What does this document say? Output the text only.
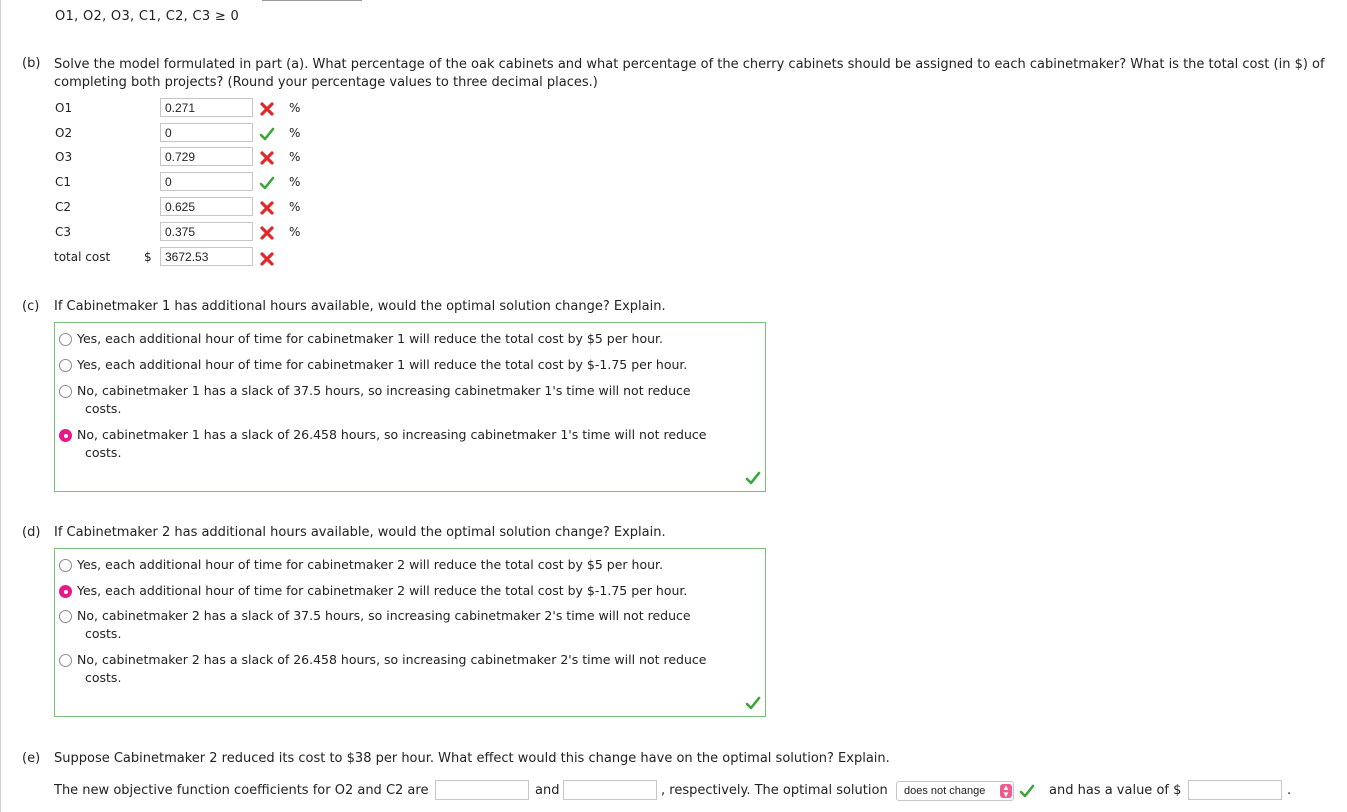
O1, O2, O3, C1, C2, C3 ≥ 0
(b) Solve the model formulated in part (a). What percentage of the oak cabinets and what percentage of the cherry cabinets should be assigned to each cabinetmaker? What is the total cost (in $) of completing both projects? (Round your percentage values to three decimal places.)
O1	0.271	%
O2	0	%
O3	0.729	%
C1	0	%
C2	0.625	%
C3	0.375	%
total cost	$	3672.53
(c) If Cabinetmaker 1 has additional hours available, would the optimal solution change? Explain.
Yes, each additional hour of time for cabinetmaker 1 will reduce the total cost by $5 per hour.
Yes, each additional hour of time for cabinetmaker 1 will reduce the total cost by $-1.75 per hour.
No, cabinetmaker 1 has a slack of 37.5 hours, so increasing cabinetmaker 1's time will not reduce
costs.
No, cabinetmaker 1 has a slack of 26.458 hours, so increasing cabinetmaker 1's time will not reduce
costs.
(d) If Cabinetmaker 2 has additional hours available, would the optimal solution change? Explain.
Yes, each additional hour of time for cabinetmaker 2 will reduce the total cost by $5 per hour.
Yes, each additional hour of time for cabinetmaker 2 will reduce the total cost by $-1.75 per hour.
No, cabinetmaker 2 has a slack of 37.5 hours, so increasing cabinetmaker 2's time will not reduce
costs.
No, cabinetmaker 2 has a slack of 26.458 hours, so increasing cabinetmaker 2's time will not reduce
costs.
(e) Suppose Cabinetmaker 2 reduced its cost to $38 per hour. What effect would this change have on the optimal solution? Explain.
The new objective function coefficients for O2 and C2 are	and	, respectively. The optimal solution	does not change ▲
▼	and has a value of $	.
